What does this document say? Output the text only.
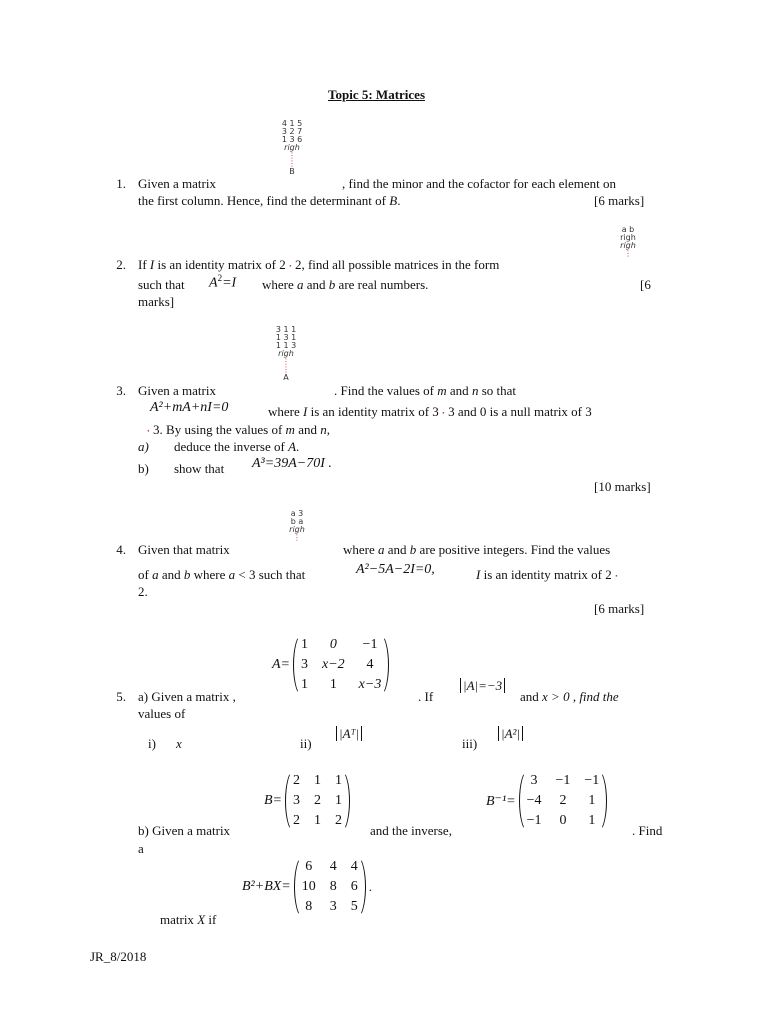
Topic 5: Matrices
4 1 5
3 2 7
1 3 6
righ
⋮
⋮
B
1. Given a matrix	, find the minor and the cofactor for each element on
the first column. Hence, find the determinant of B.	[6 marks]
a b
righ
righ
⋮
2. If I is an identity matrix of 2 ꞏ 2, find all possible matrices in the form
such that $A^2=I$ where a and b are real numbers.	[6
marks]
3 1 1
1 3 1
1 1 3
righ
⋮
⋮
A
3. Given a matrix	. Find the values of m and n so that
A²+mA+nI=0	where I is an identity matrix of 3 ꞏ 3 and 0 is a null matrix of 3
ꞏ 3. By using the values of m and n,
a) deduce the inverse of A.
b) show that A³=39A−70I .
[10 marks]
a 3
b a
righ
⋮
4. Given that matrix	where a and b are positive integers. Find the values
of a and b where a < 3 such that	A²−5A−2I=0,	I is an identity matrix of 2 ꞏ
2.
[6 marks]
A=
1	0	−1
3	x−2	4
1	1	x−3
5. a) Given a matrix ,	. If
|A|=−3
and x > 0 , find the
values of
i) x	ii)
|Aᵀ|
iii)
|A²|
B=
2	1	1
3	2	1
2	1	2
B⁻¹=
3	−1	−1
−4	2	1
−1	0	1
b) Given a matrix	and the inverse,	. Find
a
B²+BX=
6	4	4
10	8	6
8	3	5
.
matrix X if
JR_8/2018
